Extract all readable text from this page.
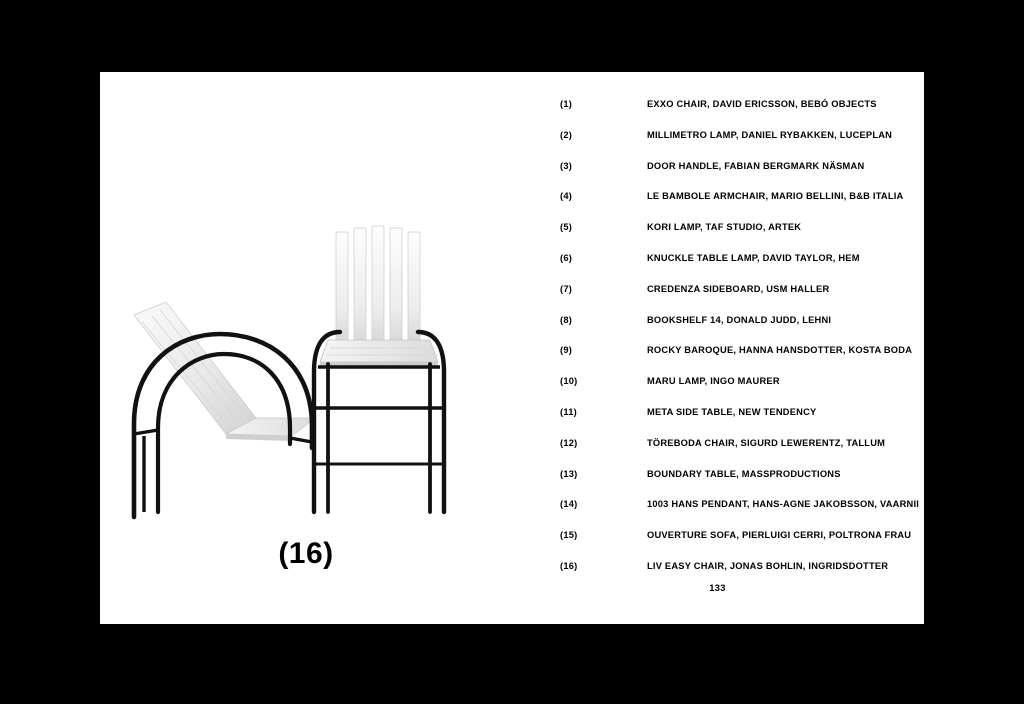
(16)
(1)	EXXO CHAIR, DAVID ERICSSON, BEBÓ OBJECTS
(2)	MILLIMETRO LAMP, DANIEL RYBAKKEN, LUCEPLAN
(3)	DOOR HANDLE, FABIAN BERGMARK NÄSMAN
(4)	LE BAMBOLE ARMCHAIR, MARIO BELLINI, B&B ITALIA
(5)	KORI LAMP, TAF STUDIO, ARTEK
(6)	KNUCKLE TABLE LAMP, DAVID TAYLOR, HEM
(7)	CREDENZA SIDEBOARD, USM HALLER
(8)	BOOKSHELF 14, DONALD JUDD, LEHNI
(9)	ROCKY BAROQUE, HANNA HANSDOTTER, KOSTA BODA
(10)	MARU LAMP, INGO MAURER
(11)	META SIDE TABLE, NEW TENDENCY
(12)	TÖREBODA CHAIR, SIGURD LEWERENTZ, TALLUM
(13)	BOUNDARY TABLE, MASSPRODUCTIONS
(14)	1003 HANS PENDANT, HANS-AGNE JAKOBSSON, VAARNII
(15)	OUVERTURE SOFA, PIERLUIGI CERRI, POLTRONA FRAU
(16)	LIV EASY CHAIR, JONAS BOHLIN, INGRIDSDOTTER
133
